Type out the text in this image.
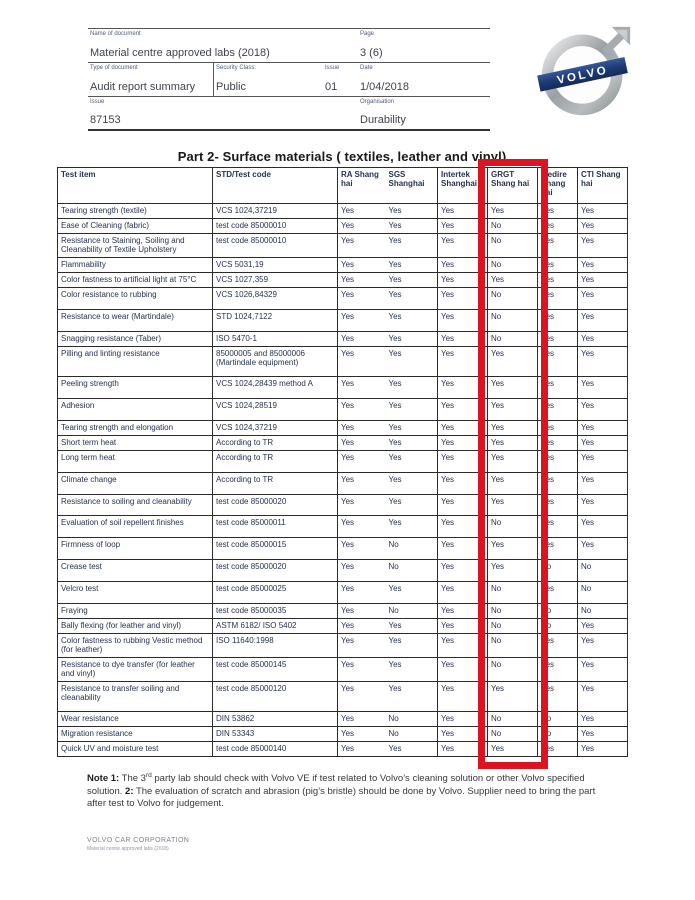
Name of document
Material centre approved labs (2018)
Page
3 (6)
Type of document
Audit report summary
Security Class:
Public
Issue
01
Date
1/04/2018
Issue
87153
Organisation
Durability
VOLVO
Part 2- Surface materials ( textiles, leather and vinyl)
Test item	STD/Test code	RA Shang hai	SGS Shanghai	Intertek Shanghai	GRGT Shang hai	Medire Shang hai	CTI Shang hai
Tearing strength (textile)	VCS 1024,37219	Yes	Yes	Yes	Yes	Yes	Yes
Ease of Cleaning (fabric)	test code 85000010	Yes	Yes	Yes	No	Yes	Yes
Resistance to Staining, Soiling and Cleanability of Textile Upholstery	test code 85000010	Yes	Yes	Yes	No	Yes	Yes
Flammability	VCS 5031,19	Yes	Yes	Yes	No	Yes	Yes
Color fastness to artificial light at 75°C	VCS 1027,359	Yes	Yes	Yes	Yes	Yes	Yes
Color resistance to rubbing	VCS 1026,84329	Yes	Yes	Yes	No	Yes	Yes
Resistance to wear (Martindale)	STD 1024,7122	Yes	Yes	Yes	No	Yes	Yes
Snagging resistance (Taber)	ISO 5470-1	Yes	Yes	Yes	No	Yes	Yes
Pilling and linting resistance	85000005 and 85000006 (Martindale equipment)	Yes	Yes	Yes	Yes	Yes	Yes
Peeling strength	VCS 1024,28439 method A	Yes	Yes	Yes	Yes	Yes	Yes
Adhesion	VCS 1024,28519	Yes	Yes	Yes	Yes	Yes	Yes
Tearing strength and elongation	VCS 1024,37219	Yes	Yes	Yes	Yes	Yes	Yes
Short term heat	According to TR	Yes	Yes	Yes	Yes	Yes	Yes
Long term heat	According to TR	Yes	Yes	Yes	Yes	Yes	Yes
Climate change	According to TR	Yes	Yes	Yes	Yes	Yes	Yes
Resistance to soiling and cleanability	test code 85000020	Yes	Yes	Yes	Yes	Yes	Yes
Evaluation of soil repellent finishes	test code 85000011	Yes	Yes	Yes	No	Yes	Yes
Firmness of loop	test code 85000015	Yes	No	Yes	Yes	Yes	Yes
Crease test	test code 85000020	Yes	No	Yes	Yes	No	No
Velcro test	test code 85000025	Yes	Yes	Yes	No	Yes	No
Fraying	test code 85000035	Yes	No	Yes	No	No	No
Bally flexing (for leather and vinyl)	ASTM 6182/ ISO 5402	Yes	Yes	Yes	No	No	Yes
Color fastness to rubbing Vestic method (for leather)	ISO 11640:1998	Yes	Yes	Yes	No	Yes	Yes
Resistance to dye transfer (for leather and vinyl)	test code 85000145	Yes	Yes	Yes	No	Yes	Yes
Resistance to transfer soiling and cleanability	test code 85000120	Yes	Yes	Yes	Yes	Yes	Yes
Wear resistance	DIN 53862	Yes	No	Yes	No	No	Yes
Migration resistance	DIN 53343	Yes	No	Yes	No	No	Yes
Quick UV and moisture test	test code 85000140	Yes	Yes	Yes	Yes	Yes	Yes
Note 1: The 3rd party lab should check with Volvo VE if test related to Volvo’s cleaning solution or other Volvo specified solution. 2: The evaluation of scratch and abrasion (pig’s bristle) should be done by Volvo. Supplier need to bring the part after test to Volvo for judgement.
VOLVO CAR CORPORATION
Material centre approved labs (2018)
